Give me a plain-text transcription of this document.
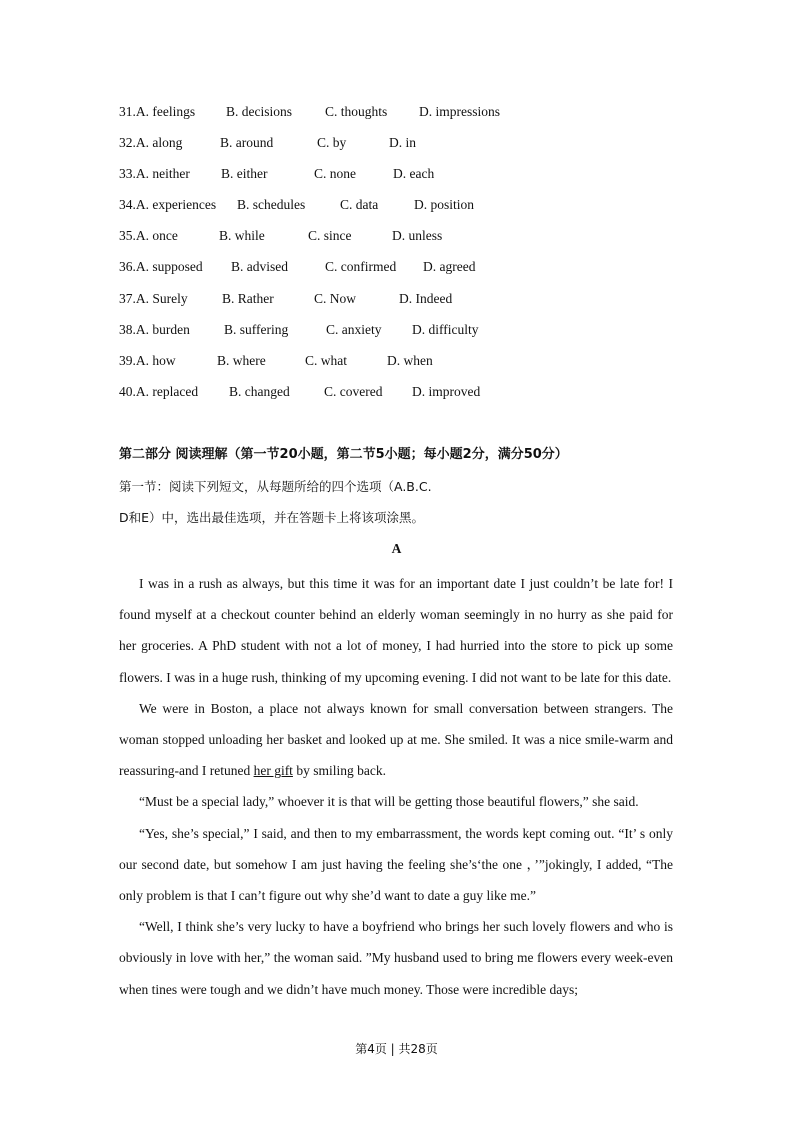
31.A. feelings B. decisions C. thoughts D. impressions
32.A. along	B. around	C. by	D. in
33.A. neither B. either	C. none	D. each
34.A. experiences B. schedules	C. data	D. position
35.A. once	B. while	C. since	D. unless
36.A. supposed B. advised	C. confirmed D. agreed
37.A. Surely	B. Rather	C. Now	D. Indeed
38.A. burden	B. suffering	C. anxiety D. difficulty
39.A. how	B. where	C. what	D. when
40.A. replaced B. changed	C. covered D. improved
第二部分 阅读理解（第一节20小题，第二节5小题；每小题2分，满分50分）
第一节：阅读下列短文，从每题所给的四个选项（A.B.C.
D和E）中，选出最佳选项，并在答题卡上将该项涂黑。
A

I was in a rush as always, but this time it was for an important date I just couldn’t be late for! I found myself at a checkout counter behind an elderly woman seemingly in no hurry as she paid for her groceries. A PhD student with not a lot of money, I had hurried into the store to pick up some flowers. I was in a huge rush, thinking of my upcoming evening. I did not want to be late for this date.

We were in Boston, a place not always known for small conversation between strangers. The woman stopped unloading her basket and looked up at me. She smiled. It was a nice smile-warm and reassuring-and I retuned her gift by smiling back.

“Must be a special lady,” whoever it is that will be getting those beautiful flowers,” she said.

“Yes, she’s special,” I said, and then to my embarrassment, the words kept coming out. “It’ s only our second date, but somehow I am just having the feeling she’s‘the one ，’”jokingly, I added, “The only problem is that I can’t figure out why she’d want to date a guy like me.”

“Well, I think she’s very lucky to have a boyfriend who brings her such lovely flowers and who is obviously in love with her,” the woman said. ”My husband used to bring me flowers every week-even when tines were tough and we didn’t have much money. Those were incredible days;

第4页 | 共28页
